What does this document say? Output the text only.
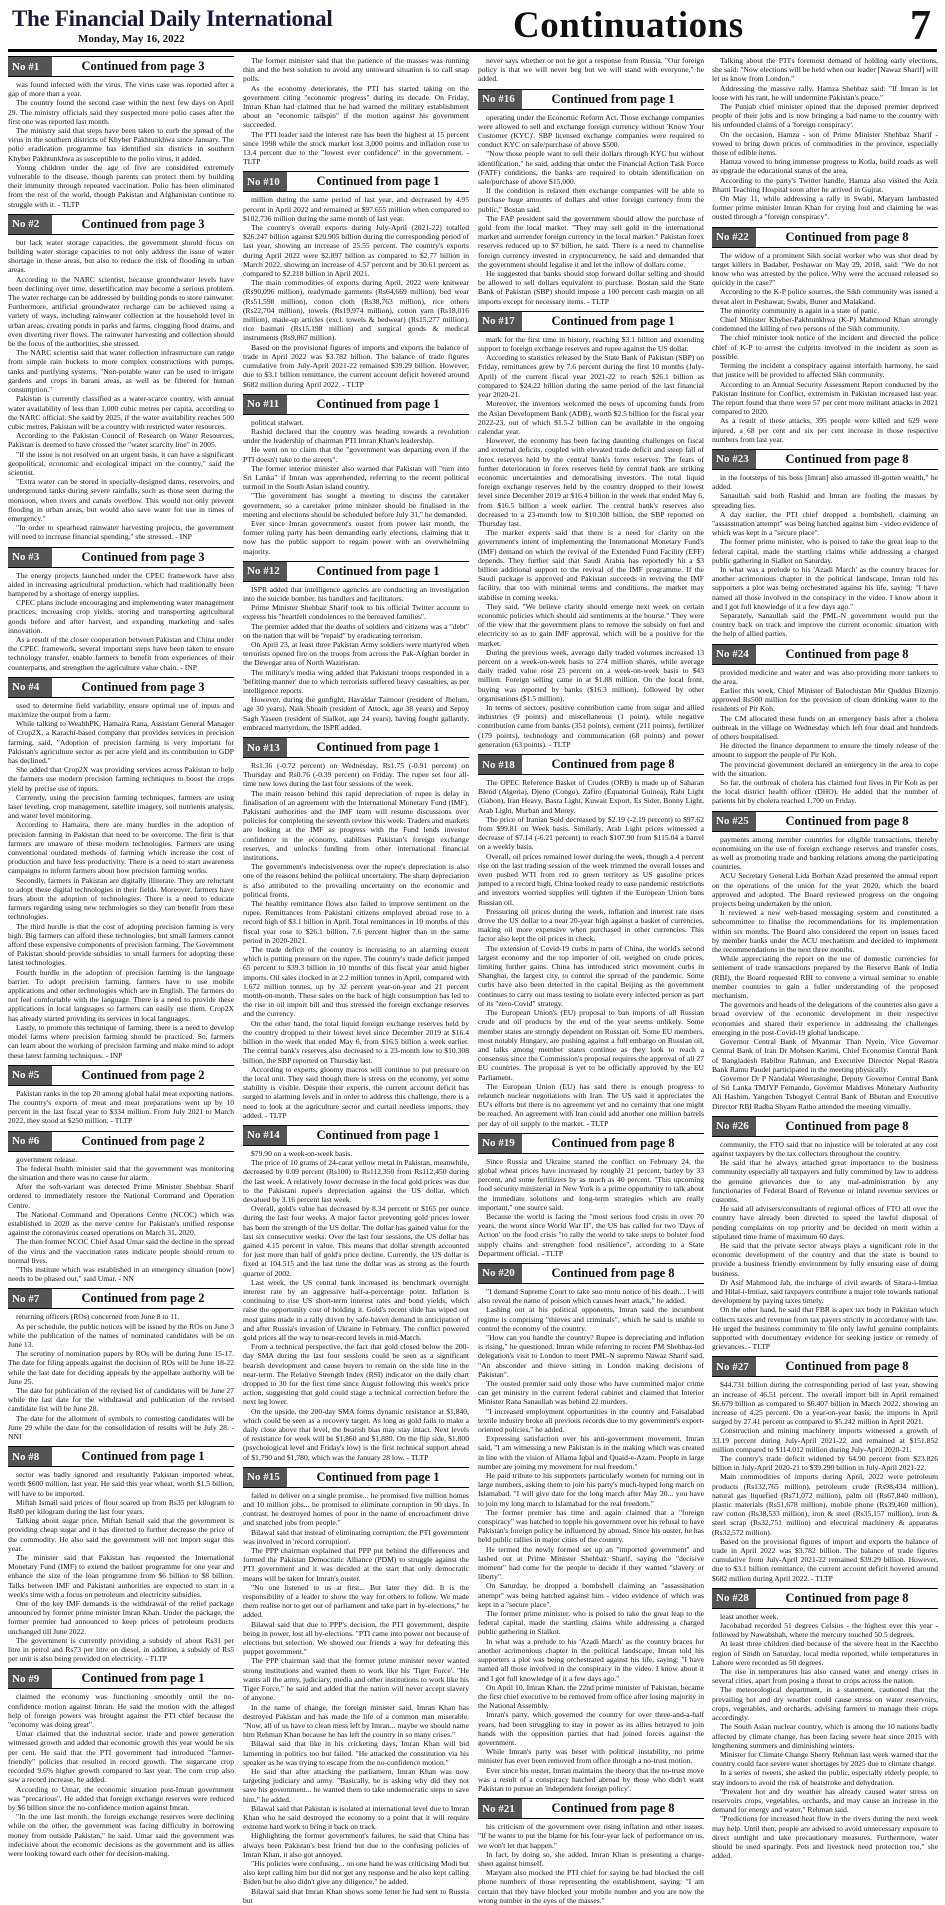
The Financial Daily International
Monday, May 16, 2022	Continuations	7
No #1	Continued from page 3

was found infected with the virus. The virus case was reported after a gap of more than a year.

The country found the second case within the next few days on April 29. The ministry officials said they suspected more polio cases after the first one was reported last month.

The ministry said that steps have been taken to curb the spread of the virus in the southern districts of Khyber Pakhtunkhwa since January. The polio eradication programme has identified six districts in southern Khyber Pakhtunkhwa as susceptible to the polio virus, it added.

Young children under the age of five are considered extremely vulnerable to the disease, though parents can protect them by building their immunity through repeated vaccination. Polio has been eliminated from the rest of the world, though Pakistan and Afghanistan continue to struggle with it. - TLTP

No #2	Continued from page 3

but lack water storage capacities, the government should focus on building water storage capacities to not only address the issue of water shortage in those areas, but also to reduce the risk of flooding in urban areas.

According to the NARC scientist, because groundwater levels have been declining over time, desertification may become a serious problem. The water recharge can be addressed by building ponds to store rainwater. Furthermore, artificial groundwater recharge can be achieved using a variety of ways, including rainwater collection at the household level in urban areas, creating ponds in parks and farms, clogging flood drains, and even diverting river flows. The rainwater harvesting and collection should be the focus of the authorities, she stressed.

The NARC scientist said that water collection infrastructure can range from simple rain buckets to more complex constructions with pumps, tanks and purifying systems. "Non-potable water can be used to irrigate gardens and crops in barani areas, as well as be filtered for human consumption."

Pakistan is currently classified as a water-scarce country, with annual water availability of less than 1,000 cubic metres per capita, according to the NARC official. She said by 2025, if the water availability reaches 500 cubic metres, Pakistan will be a country with restricted water resources.

According to the Pakistan Council of Research on Water Resources, Pakistan is deemed to have crossed the "water scarcity line" in 2005.

"If the issue is not resolved on an urgent basis, it can have a significant geopolitical, economic and ecological impact on the country," said the scientist.

"Extra water can be stored in specially-designed dams, reservoirs, and underground tanks during severe rainfalls, such as those seen during the monsoon, when rivers and canals overflow. This would not only prevent flooding in urban areas, but would also save water for use in times of emergency."

"In order to spearhead rainwater harvesting projects, the government will need to increase financial spending," she stressed. - INP

No #3	Continued from page 3

The energy projects launched under the CPEC framework have also aided in increasing agricultural production, which had traditionally been hampered by a shortage of energy supplies.

CPEC plans include encouraging and implementing water management practices, increasing crop yields, storing and transporting agricultural goods before and after harvest, and expanding marketing and sales innovation.

As a result of the closer cooperation between Pakistan and China under the CPEC framework, several important steps have been taken to ensure technology transfer, enable farmers to benefit from experiences of their counterparts, and strengthen the agriculture value chain. - INP

No #4	Continued from page 3

used to determine field variability, ensure optimal use of inputs and maximize the output from a farm.

While talking to WealthPK, Hamaira Rana, Assistant General Manager of Crop2X, a Karachi-based company that provides services in precision farming, said, "Adoption of precision farming is very important for Pakistan's agriculture sector as per acre yield and its contribution to GDP has declined."

She added that Crop2X was providing services across Pakistan to help the farmers use modern precision farming techniques to boost the crops yield by precise use of inputs.

Currently, using the precision farming techniques, farmers are using laser leveling, crop management, satellite imagery, soil nutrients analysis, and water level monitoring.

According to Hamaira, there are many hurdles in the adoption of precision farming in Pakistan that need to be overcome. The first is that farmers are unaware of these modern technologies. Farmers are using conventional outdated methods of farming which increase the cost of production and have less productivity. There is a need to start awareness campaigns to inform farmers about how precision farming works.

Secondly, farmers in Pakistan are digitally illiterate. They are reluctant to adopt these digital technologies in their fields. Moreover, farmers have fears about the adoption of technologies. There is a need to educate farmers regarding using new technologies so they can benefit from these technologies.

The third hurdle is that the cost of adopting precision farming is very high. Big farmers can afford these technologies, but small farmers cannot afford these expensive components of precision farming. The Government of Pakistan should provide subsidies to small farmers for adopting these latest technologies.

Fourth hurdle in the adoption of precision farming is the language barrier. To adopt precision farming, farmers have to use mobile applications and other technologies which are in English. The farmers do not feel comfortable with the language. There is a need to provide these applications in local languages so farmers can easily use them. Crop2X has already started providing its services in local languages.

Lastly, to promote this technique of farming, there is a need to develop model farms where precision farming should be practiced. So, farmers can learn about the working of precision farming and make mind to adopt these latest farming techniques. - INP

No #5	Continued from page 2

Pakistan ranks in the top 20 among global halal meat exporting nations. The country's exports of meat and meat preparations went up by 10 percent in the last fiscal year to $334 million. From July 2021 to March 2022, they stood at $250 million. - TLTP

No #6	Continued from page 2

government release.

The federal health minister said that the government was monitoring the situation and there was no cause for alarm.

After the soft-variant was detected Prime Minister Shehbaz Sharif ordered to immediately restore the National Command and Operation Centre.

The National Command and Operations Centre (NCOC) which was established in 2020 as the nerve centre for Pakistan's unified response against the coronavirus ceased operations on March 31, 2020.

The then former NCOC Chief Asad Umar said the decline in the spread of the virus and the vaccination rates indicate people should return to normal lives.

"This institute which was established in an emergency situation [now] needs to be phased out," said Umar. - NN

No #7	Continued from page 2

returning officers (ROs) concerned from June 8 to 11.

As per schedule, the public notices will be issued by the ROs on June 3 while the publication of the names of nominated candidates will be on June 13.

The scrutiny of nomination papers by ROs will be during June 15-17. The date for filing appeals against the decision of ROs will be June 18-22 while the last date for deciding appeals by the appellate authority will be June 25.

The date for publication of the revised list of candidates will be June 27 while the last date for the withdrawal and publication of the revised candidate list will be June 28.

The date for the allotment of symbols to contesting candidates will be June 29 while the date for the consolidation of results will be July 28. - NNI

No #8	Continued from page 1

sector was badly ignored and resultantly Pakistan imported wheat, worth $600 million, last year. He said this year wheat, worth $1.5 billion, will have to be imported.

Miftah Ismail said prices of flour soared up from Rs35 per kilogram to Rs80 per kilogram during the last four years.

Talking about sugar price, Miftah Ismail said that the government is providing cheap sugar and it has directed to further decrease the price of the commodity. He also said the government will not import sugar this year.

The minister said that Pakistan has requested the International Monetary Fund (IMF) to extend the bailout programme for one year and enhance the size of the loan programme from $6 billion to $8 billion. Talks between IMF and Pakistani authorities are expected to start in a week's time with a focus on petroleum and electricity subsidies.

One of the key IMF demands is the withdrawal of the relief package announced by former prime minister Imran Khan. Under the package, the former premier had announced to keep prices of petroleum products unchanged till June 2022.

The government is currently providing a subsidy of about Rs31 per litre in petrol and Rs73 per litre on diesel, in addition, a subsidy of Rs5 per unit is also being provided on electricity. - TLTP

No #9	Continued from page 1

claimed the economy was functioning smoothly until the no-confidence motion against Imran. He said the motion with the alleged help of foreign powers was brought against the PTI chief because the "economy was doing great".

Umar claimed that the industrial sector, trade and power generation witnessed growth and added that economic growth this year would be six per cent. He said that the PTI government had introduced "farmer-friendly" policies that resulted in record growth. The sugarcane crop recorded 9.6% higher growth compared to last year. The corn crop also saw a record increase, he added.

According to Umar, the economic situation post-Imran government was "precarious". He added that foreign exchange reserves were reduced by $6 billion since the no-confidence motion against Imran.

"In the one last month, the foreign exchange reserves were declining while on the other, the government was facing difficulty in borrowing money from outside Pakistan," he said. Umar said the government was indecisive about the economic decisions as the government and its allies were looking toward each other for decision-making.

The former minister said that the patience of the masses was running thin and the best solution to avoid any untoward situation is to call snap polls.

As the economy deteriorates, the PTI has started taking on the government citing "economic progress" during its decade. On Friday, Imran Khan had claimed that he had warned the military establishment about an "economic tailspin" if the motion against his government succeeded.

The PTI leader said the interest rate has been the highest at 15 percent since 1998 while the stock market lost 3,000 points and inflation rose to 13.4 percent due to the "lowest ever confidence" in the government. - TLTP

No #10	Continued from page 1

million during the same period of last year, and decreased by 4.95 percent in April 2022 and remained at $97.655 million when compared to $102.736 million during the same month of last year.

The country's overall exports during July-April (2021-22) totalled $26.247 billion against $20.905 billion during the corresponding period of last year, showing an increase of 25.55 percent. The country's exports during April 2022 were $2.897 billion as compared to $2.77 billion in March 2022, showing an increase of 4.57 percent and by 30.61 percent as compared to $2.218 billion in April 2021.

The main commodities of exports during April, 2022 were knitwear (Rs90,096 million), readymade garments (Rs64,669 million), bed wear (Rs51,598 million), cotton cloth (Rs38,763 million), rice others (Rs22,704 million), towels (Rs19,974 million), cotton yarn (Rs18,016 million), made-up articles (excl. towels & bedwear) (Rs15,277 million), rice basmati (Rs15,198 million) and surgical goods & medical instruments (Rs9,867 million).

Based on the provisional figures of imports and exports the balance of trade in April 2022 was $3.782 billion. The balance of trade figures cumulative from July-April 2021-22 remained $39.29 billion. However, due to $3.1 billion remittance, the current account deficit hovered around $682 million during April 2022. - TLTP

No #11	Continued from page 1

political stalwart.

Rashid declared that the country was heading towards a revolution under the leadership of chairman PTI Imran Khan's leadership.

He went on to claim that the "government was departing even if the PTI doesn't take to the streets".

The former interior minister also warned that Pakistan will "turn into Sri Lanka" if Imran was apprehended, referring to the recent political turmoil in the South Asian island country.

"The government has sought a meeting to discuss the caretaker government, so a caretaker prime minister should be finalised in the meeting and elections should be scheduled before July 31," he demanded.

Ever since Imran government's ouster from power last month, the former ruling party has been demanding early elections, claiming that it now has the public support to regain power with an overwhelming majority.

No #12	Continued from page 1

ISPR added that intelligence agencies are conducting an investigation into the suicide bomber, his handlers and facilitators.

Prime Minister Shehbaz Sharif took to his official Twitter account to express his "heartfelt condolences to the bereaved families".

The premier added that the deaths of soldiers and citizens was a "debt" on the nation that will be "repaid" by eradicating terrorism.

On April 23, at least three Pakistan Army soldiers were martyred when terrorists opened fire on the troops from across the Pak-Afghan border in the Dewegar area of North Waziristan.

The military's media wing added that Pakistani troops responded in a 'befitting manner' due to which terrorists suffered heavy casualties, as per intelligence reports.

However, during the gunfight, Havaldar Taimoor (resident of Jhelum, age 30 years), Naik Shoaib (resident of Attock, age 38 years) and Sepoy Sagh Yaseen (resident of Sialkot, age 24 years), having fought gallantly, embraced martyrdom, the ISPR added.

No #13	Continued from page 1

Rs1.36 (-0.72 percent) on Wednesday, Rs1.75 (-0.91 percent) on Thursday and Rs0.76 (-0.39 percent) on Friday. The rupee set four all-time new lows during the last four sessions of the week.

The main reason behind this rapid depreciation of rupee is delay in finalisation of an agreement with the International Monetary Fund (IMF). Pakistani authorities and the IMF team will resume discussions over policies for completing the seventh review this week. Traders and markets are looking at the IMF as progress with the Fund lends investor confidence in the economy, stabilises Pakistan's foreign exchange reserves, and unlocks funding from other international financial institutions.

The government's indecisiveness over the rupee's depreciation is also one of the reasons behind the political uncertainty. The sharp depreciation is also attributed to the prevailing uncertainty on the economic and political fronts.

The healthy remittance flows also failed to improve sentiment on the rupee. Remittances from Pakistani citizens employed abroad rose to a record high of $3.1 billion in April. Total remittances in 10 months of this fiscal year rose to $26.1 billion, 7.6 percent higher than in the same period in 2020-2021.

The trade deficit of the country is increasing to an alarming extent which is putting pressure on the rupee. The country's trade deficit jumped 65 percent to $39.3 billion in 10 months of this fiscal year amid higher imports. Oil sales clocked in at 2.2 million tonnes in April, compared with 1.672 million tonnes, up by 32 percent year-on-year and 21 percent month-on-month. These sales on the back of high consumption has led to the rise in oil import bill and thus stressed the foreign exchange reserves and the currency.

On the other hand, the total liquid foreign exchange reserves held by the country dropped to their lowest level since December 2019 at $16.4 billion in the week that ended May 6, from $16.5 billion a week earlier. The central bank's reserves also decreased to a 23-month low to $10.308 billion, the SBP reported on Thursday last.

According to experts, gloomy macros will continue to put pressure on the local unit. They said though there is stress on the economy, yet some stability is visible. Despite their experts, the current account deficit has surged to alarming levels and in order to address this challenge, there is a need to look at the agriculture sector and curtail needless imports, they added. - TLTP

No #14	Continued from page 1

$79.90 on a week-on-week basis.

The price of 10 grams of 24-carat yellow metal in Pakistan, meanwhile, decreased by 0.09 percent (Rs100) to Rs112,350 from Rs112,450 during the last week. A relatively lower decrease in the local gold prices was due to the Pakistani rupee's depreciation against the US dollar, which devalued by 3.16 percent last week.

Overall, gold's value has decreased by 8.34 percent or $165 per ounce during the last four weeks. A major factor preventing gold prices lower has been the strength of the US dollar. The dollar has gained value for the last six consecutive weeks. Over the last four sessions, the US dollar has gained 4.15 percent in value. This means that dollar strength accounted for just more than half of gold's price decline. Currently, the US dollar is fixed at 104.515 and the last time the dollar was as strong as the fourth quarter of 2002.

Last week, the US central bank increased its benchmark overnight interest rate by an aggressive half-a-percentage point. Inflation is continuing to rise US short-term interest rates and bond yields, which raise the opportunity cost of holding it. Gold's recent slide has wiped out most gains made in a rally driven by safe-haven demand in anticipation of and after Russia's invasion of Ukraine in February. The conflict powered gold prices all the way to near-record levels in mid-March.

From a technical perspective, the fact that gold closed below the 200-day SMA during the last four sessions could be seen as a significant bearish development and cause buyers to remain on the side line in the near-term. The Relative Strength Index (RSI) indicator on the daily chart dropped to 30 for the first time since August following this week's price action, suggesting that gold could stage a technical correction before the next leg lower.

On the upside, the 200-day SMA forms dynamic resistance at $1,840, which could be seen as a recovery target. As long as gold fails to make a daily close above that level, the bearish bias may stay intact. Next levels of resistance for week will be $1,860 and $1,880. On the flip side, $1,800 (psychological level and Friday's low) is the first technical support ahead of $1,790 and $1,780, which was the January 28 low. - TLTP

No #15	Continued from page 1

failed to deliver on a single promise... he promised five million homes and 10 million jobs... he promised to eliminate corruption in 90 days. In contrast, he destroyed homes of poor in the name of encroachment drive and snatched jobs from people."

Bilawal said that instead of eliminating corruption, the PTI government was involved in 'record corruption'.

The PPP chairman explained that PPP put behind the differences and formed the Pakistan Democratic Alliance (PDM) to struggle against the PTI government and it was decided at the start that only democratic means will be taken for Imran's ouster.

"No one listened to us at first... But later they did. It is the responsibility of a leader to show the way for others to follow. We made them realise not to get out of parliament and take part in by-elections," he added.

Bilawal said that due to PPP's decision, the PTI government, despite being in power, lost all by-elections. "PTI came into power not because of elections but selection. We showed our friends a way for defeating this puppet government."

The PPP chairman said that the former prime minister never wanted strong institutions and wanted them to work like his 'Tiger Force'. "He wants all the army, judiciary, media and other institutions to work like his Tiger Force," he said and added that the nation will never accept slavery of anyone.

In the name of change, the foreign minister said, Imran Khan has destroyed Pakistan and has made the life of a common man miserable. "Now, all of us have to clean mess left by Imran... maybe we should name him Rehman Khan because he has left the country in so many crises."

Bilawal said that like in his cricketing days, Imran Khan will bid lamenting in politics too but failed. "He attacked the constitution via his speaker as he was trying to escape from the no-confidence motion."

He said that after attacking the parliament, Imran Khan was now targeting judiciary and army. "Basically, he is asking why did they not save his government... he wanted them to take undemocratic steps to save him," he added.

Bilawal said that Pakistan is isolated at international level due to Imran Khan who he said destroyed the economy to a point that it will require extreme hard work to bring it back on track.

Highlighting the former government's failures, he said that China has always been Pakistan's best friend but due to the confusing policies of Imran Khan, it also got annoyed.

"His policies were confusing... on one hand he was criticising Modi but also kept calling him but did not get any response and he also kept calling Biden but he also didn't give any diligence," he added.

Bilawal said that Imran Khan shows some letter he had sent to Russia but

never says whether or not he got a response from Russia. "Our foreign policy is that we will never beg but we will stand with everyone," he added.

No #16	Continued from page 1

operating under the Economic Reform Act. Those exchange companies were allowed to sell and exchange foreign currency without 'Know Your Customer (KYC)'. SBP licensed exchange companies were required to conduct KYC on sale/purchase of above $500.

"Now those people want to sell their dollars through KYC but without identification," he said, adding that under the Financial Action Task Force (FATF) conditions, the banks are required to obtain identification on sale/purchase of above $15,000.

If the condition is relaxed then exchange companies will be able to purchase huge amounts of dollars and other foreign currency from the public," Bostan said.

The FAP president said the government should allow the purchase of gold from the local market. "They may sell gold in the international market and surrender foreign currency in the local market." Pakistan forex reserves reduced up to $7 billion, he said. There is a need to channelise foreign currency invested in cryptocurrency, he said and demanded that the government should legalise it and let the inflow of dollars come.

He suggested that banks should stop forward dollar selling and should be allowed to sell dollars equivalent to purchase. Bostan said the State Bank of Pakistan (SBP) should impose a 100 percent cash margin on all imports except for necessary items. - TLTP

No #17	Continued from page 1

mark for the first time in history, reaching $3.1 billion and extending support to foreign exchange reserves and rupee against the US dollar.

According to statistics released by the State Bank of Pakistan (SBP) on Friday, remittances grew by 7.6 percent during the first 10 months (July-April) of the current fiscal year 2021-22 to reach $26.1 billion as compared to $24.22 billion during the same period of the last financial year 2020-21.

Moreover, the inventors welcomed the news of upcoming funds from the Asian Development Bank (ADB), worth $2.5 billion for the fiscal year 2022-23, out of which $1.5-2 billion can be available in the ongoing calendar year.

However, the economy has been facing daunting challenges on fiscal and external deficits, coupled with elevated trade deficit and steep fall of forex reserves held by the central bank's forex reserves. The fears of further deterioration in forex reserves held by central bank are striking economic uncertainties and demoralising investors. The total liquid foreign exchange reserves held by the country dropped to their lowest level since December 2019 at $16.4 billion in the week that ended May 6, from $16.5 billion a week earlier. The central bank's reserves also decreased to a 23-month low to $10.308 billion, the SBP reported on Thursday last.

The market experts said that there is a need for clarity on the government's intent of implementing the International Monetary Fund's (IMF) demand on which the revival of the Extended Fund Facility (EFF) depends. They further said that Saudi Arabia has reportedly hit a $3 billion additional support to the revival of the IMF programme. If the Saudi package is approved and Pakistan succeeds in reviving the IMF facility, that too with minimal terms and conditions, the market may stabilise in coming weeks.

They said, "We believe clarity should emerge next week on certain economic policies which should aid sentiments at the bourse." They were of the view that the government plans to remove the subsidy on fuel and electricity so as to gain IMF approval, which will be a positive for the market.

During the previous week, average daily traded volumes increased 13 percent on a week-on-week basis to 274 million shares, while average daily traded value rose 23 percent on a week-on-week basis to $43 million. Foreign selling came in at $1.88 million. On the local front, buying was reported by banks ($16.3 million), followed by other organisations ($1.5 million).

In terms of sectors, positive contribution came from sugar and allied industries (9 points) and miscellaneous (1 point), while negative contribution came from banks (351 points), cement (211 points), fertilizer (179 points), technology and communication (68 points) and power generation (63 points). - TLTP

No #18	Continued from page 8

The OPEC Reference Basket of Crudes (ORB) is made up of Saharan Blend (Algeria), Djeno (Congo), Zafiro (Equatorial Guinea), Rabi Light (Gabon), Iran Heavy, Basra Light, Kuwait Export, Es Sider, Bonny Light, Arab Light, Murban and Merey.

The price of Iranian Sold decreased by $2.19 (-2.19 percent) to $97.62 from $99.81 on Week basis. Similarly, Arab Light prices witnessed a decrease of $7.14 (-6.21 percent) to reach $107.90 from $115.04 a barrel on a weekly basis.

Overall, oil prices remained lower during the week, though a 4 percent rise on the last trading session of the week trimmed the overall losses and even pushed WTI from red to green territory as US gasoline prices jumped to a record high, China looked ready to ease pandemic restrictions and investors worried supplies will tighten if the European Union bans Russian oil.

Pressuring oil prices during the week, inflation and interest rate rises drove the US dollar to a near 20-year high against a basket of currencies, making oil more expensive when purchased in other currencies. This factor also kept the oil prices in check.

The extension of Covid-19 curbs in parts of China, the world's second largest economy and the top importer of oil, weighed on crude prices, limiting further gains. China has introduced strict movement curbs in Shanghai, the largest city, to control the spread of the pandemic. Some curbs have also been detected in the capital Beijing as the government continues to carry out mass testing to isolate every infected person as part of its "zero-Covid" strategy.

The European Union's (EU) proposal to ban imports of all Russian crude and oil products by the end of the year seems unlikely. Some member states are strongly dependent on Russian oil. Some EU members, most notably Hungary, are pushing against a full embargo on Russian oil, and talks among member states continue as they look to reach a consensus since the Commission's proposal requires the approval of all 27 EU countries. The proposal is yet to be officially approved by the EU Parliament.

The European Union (EU) has said there is enough progress to relaunch nuclear negotiations with Iran. The US said it appreciates the EU's efforts but there is no agreement yet and no certainty that one might be reached. An agreement with Iran could add another one million barrels per day of oil supply to the market. - TLTP

No #19	Continued from page 8

Since Russia and Ukraine started the conflict on February 24, the global wheat prices have increased by roughly 21 percent, barley by 33 percent, and some fertilizers by as much as 40 percent. "This upcoming food security ministerial in New York is a prime opportunity to talk about the immediate solutions and long-term strategies which are really important," one source said.

Because the world is facing the "most serious food crisis in over 70 years, the worst since World War II", the US has called for two 'Days of Action' on the food crisis "to rally the world to take steps to bolster food supply chains and strengthen food resilience", according to a State Department official. - TLTP

No #20	Continued from page 8

"I demand Supreme Court to take suo motu notice of his death... I will also reveal the name of poison which causes heart attack," he added.

Lashing out at his political opponents, Imran said the incumbent regime is comprising "thieves and criminals", which he said is unable to control the economy of the country.

"How can you handle the country? Rupee is depreciating and inflation is rising," he questioned. Imran while referring to recent PM Shehbaz-led delegation's visit to London to meet PML-N supremo Nawaz Sharif said, "An absconder and thieve sitting in London making decisions of Pakistan".

The ousted premier said only those who have committed major crime can get ministry in the current federal cabinet and claimed that Interior Minister Rana Sanaullah was behind 22 murders.

"I increased employment opportunities in the country and Faisalabad textile industry broke all previous records due to my government's export-oriented policies," he added.

Expressing satisfaction over his anti-government movement, Imran said, "I am witnessing a new Pakistan is in the making which was created in line with the vision of Allama Iqbal and Quaid-e-Azam. People in large number are joining my movement for real freedom."

He paid tribute to his supporters particularly women for turning out in large numbers, asking them to join his party's much-hyped long march on Islamabad. "I will give date for the long march after May 20... you have to join my long march to Islamabad for the real freedom."

The former premier has time and again claimed that a "foreign conspiracy" was hatched to topple his government over his refusal to have Pakistan's foreign policy be influenced by abroad. Since his ouster, he has held public rallies in major cities of the country.

He termed the newly formed set up an "imported government" and lashed out at Prime Minister Shehbaz Sharif, saying the "decisive moment" had come for the people to decide if they wanted "slavery or liberty".

On Saturday, he dropped a bombshell claiming an "assassination attempt" was being hatched against him - video evidence of which was kept in a "secure place".

The former prime minister, who is poised to take the great leap to the federal capital, made the startling claims while addressing a charged public gathering in Sialkot.

In what was a prelude to his 'Azadi March' as the country braces for another acrimonious chapter in the political landscape, Imran told his supporters a plot was being orchestrated against his life, saying: "I have named all those involved in the conspiracy in the video. I know about it and I got full knowledge of it a few days ago."

On April 10, Imran Khan, the 22nd prime minister of Pakistan, became the first chief executive to be removed from office after losing majority in the National Assembly.

Imran's party, which governed the country for over three-and-a-half years, had been struggling to stay in power as its allies betrayed to join hands with the opposition parties that had joined forces against the government.

While Imran's party was beset with political instability, no prime minister has ever been removed from office through a no-trust motion.

Ever since his ouster, Imran maintains the theory that the no-trust move was a result of a conspiracy hatched abroad by those who didn't want Pakistan to pursue an 'independent foreign policy'.

No #21	Continued from page 8

his criticism of the government over rising inflation and other issues. "If he wants to put the blame for his four-year lack of performance on us, we won't let that happen."

In fact, by doing so, she added, Imran Khan is presenting a charge-sheet against himself.

Maryam also mocked the PTI chief for saying he had blocked the cell phone numbers of those representing the establishment, saying: "I am certain that they have blocked your mobile number and you are now the wrong number in the eyes of the masses."

Talking about the PTI's foremost demand of holding early elections, she said: "Now elections will be held when our leader [Nawaz Sharif] will let us know from London."

Addressing the massive rally, Hamza Shehbaz said: "If Imran is let loose with his rant, he will undermine Pakistan's peace."

The Punjab chief minister opined that the deposed premier deprived people of their jobs and is now bringing a bad name to the country with his unfounded claims of a 'foreign conspiracy'.

On the occasion, Hamza - son of Prime Minister Shehbaz Sharif - vowed to bring down prices of commodities in the province, especially those of edible items.

Hamza vowed to bring immense progress to Kotla, build roads as well as upgrade the educational status of the area.

According to the party's Twitter handle, Hamza also visited the Aziz Bhatti Teaching Hospital soon after he arrived in Gujrat.

On May 11, while addressing a rally in Swabi, Maryam lambasted former prime minister Imran Khan for crying foul and claiming he was ousted through a "foreign conspiracy".

No #22	Continued from page 8

The widow of a prominent Sikh social worker who was shot dead by target killers in Badaber, Peshawar on May 29, 2018, said: "We do not know who was arrested by the police. Why were the accused released so quickly in the case?"

According to the K-P police sources, the Sikh community was issued a threat alert in Peshawar, Swabi, Buner and Malakand.

The minority community is again in a state of panic.

Chief Minister Khyber-Pakhtunkhwa (K-P) Mahmood Khan strongly condemned the killing of two persons of the Sikh community.

The chief minister took notice of the incident and directed the police chief of K-P to arrest the culprits involved in the incident as soon as possible.

Terming the incident a conspiracy against interfaith harmony, he said that justice will be provided to affected Sikh community.

According to an Annual Security Assessment Report conducted by the Pakistan Institute for Conflict, extremism in Pakistan increased last year. The report found that there were 57 per cent more militant attacks in 2021 compared to 2020.

As a result of these attacks, 395 people were killed and 629 were injured, a 68 per cent and six per cent increase in those respective numbers from last year.

No #23	Continued from page 8

in the footsteps of his boss [Imran] also amassed ill-gotten wealth," he added.

Sanaullah said both Rashid and Imran are fooling the masses by spreading lies.

A day earlier, the PTI chief dropped a bombshell, claiming an "assassination attempt" was being hatched against him - video evidence of which was kept in a "secure place".

The former prime minister, who is poised to take the great leap to the federal capital, made the startling claims while addressing a charged public gathering in Sialkot on Saturday.

In what was a prelude to his 'Azadi March' as the country braces for another acrimonious chapter in the political landscape, Imran told his supporters a plot was being orchestrated against his life, saying: "I have named all those involved in the conspiracy in the video. I know about it and I got full knowledge of it a few days ago."

Separately, Sanaullah said the PML-N government would put the country back on track and improve the current economic situation with the help of allied parties.

No #24	Continued from page 8

provided medicine and water and was also providing more tankers to the area.

Earlier this week, Chief Minister of Balochistan Mir Quddus Bizenjo approved Rs500 million for the provision of clean drinking water to the residents of Pir Koh.

The CM allocated these funds on an emergency basis after a cholera outbreak in the village on Wednesday which left four dead and hundreds of others hospitalised.

He directed the finance department to ensure the timely release of the amount to support the people of Pir Koh.

The provincial government declared an emergency in the area to cope with the situation.

So far, the outbreak of cholera has claimed four lives in Pir Koh as per the local district health officer (DHO). He added that the number of patients hit by cholera reached 1,700 on Friday.

No #25	Continued from page 8

payments among member countries for eligible transactions, thereby economising on the use of foreign exchange reserves and transfer costs, as well as promoting trade and banking relations among the participating countries.

ACU Secretary General Lida Borhan Azad presented the annual report on the operations of the union for the year 2020, which the board approved and adopted. The Board reviewed progress on the ongoing projects being undertaken by the union.

It reviewed a new web-based messaging system and constituted a subcommittee to finalise the recommendations for its implementation within six months. The Board also considered the report on issues faced by member banks under the ACU mechanism and decided to implement the recommendations in the next three months.

While appreciating the report on the use of domestic currencies for settlement of trade transactions prepared by the Reserve Bank of India (RBI), the Board requested RBI to convene a virtual seminar to enable member countries to gain a fuller understanding of the proposed mechanism.

The governors and heads of the delegations of the countries also gave a broad overview of the economic development in their respective economies and shared their experience in addressing the challenges emerging in the post-Covid-19 global landscape.

Governor Central Bank of Myanmar Than Nyein, Vice Governor Central Bank of Iran Dr Mohsen Karimi, Chief Economist Central Bank of Bangladesh Habibur Rahman, and Executive Director Nepal Rastra Bank Ramu Paudel participated in the meeting physically.

Governor Dr P Nandalal Weerasinghe, Deputy Governor Central Bank of Sri Lanka TMJYP Fernando, Governor Maldives Monetary Authority Ali Hashim, Yangchen Tshogyel Central Bank of Bhutan and Executive Director RBI Radha Shyam Ratho attended the meeting virtually.

No #26	Continued from page 8

community, the FTO said that no injustice will be tolerated at any cost against taxpayers by the tax collectors throughout the country.

He said that he always attached great importance to the business community especially all taxpayers and fully committed by law to address the genuine grievances due to any mal-administration by any functionaries of Federal Board of Revenue or inland revenue services or customs.

He said all advisers/consultants of regional offices of FTO all over the country have already been directed to speed the lawful disposal of pending complaints on top priority and be decided on merit within a stipulated time frame of maximum 60 days.

He said that the private sector always plays a significant role in the economic development of the country and that the state is bound to provide a business friendly environment by fully ensuring ease of doing business.

Dr Asif Mahmood Jah, the incharge of civil awards of Sitara-i-Imtiaz and Hilal-i-Imtiaz, said taxpayers contribute a major role towards national development by paying taxes timely.

On the other hand, he said that FBR is apex tax body in Pakistan which collects taxes and revenue from tax payers strictly in accordance with law. He urged the business community to file only lawful genuine complaints supported with documentary evidence for seeking justice or remedy of grievances. - TLTP

No #27	Continued from page 8

$44.731 billion during the corresponding period of last year, showing an increase of 46.51 percent. The overall import bill in April remained $6.679 billion as compared to $6.407 billion in March 2022, showing an increase of 4.25 percent. On a year-on-year basis, the imports in April surged by 27.41 percent as compared to $5.242 million in April 2021.

Construction and mining machinery imports witnessed a growth of 33.19 percent during July-April 2021-22 and remained at $151.852 million compared to $114.012 million during July-April 2020-21.

The country's trade deficit widened by 64.90 percent from $23.826 billion in July-April 2020-21 to $39.290 billion in July-April 2021-22.

Main commodities of imports during April, 2022 were petroleum products (Rs132,765 million), petroleum crude (Rs98,434 million), natural gas liquefied (Rs71,072 million), palm oil (Rs67,840 million), plastic materials (Rs51,678 million), mobile phone (Rs39,460 million), raw cotton (Rs38,533 million), iron & steel (Rs35,157 million), iron & steel scrap (Rs32,751 million) and electrical machinery & apparatus (Rs32,572 million).

Based on the provisional figures of import and exports the balance of trade in April 2022 was $3.782 billion. The balance of trade figures cumulative from July-April 2021-22 remained $39.29 billion. However, due to $3.1 billion remittance, the current account deficit hovered around $682 million during April 2022. - TLTP

No #28	Continued from page 8

least another week.

Jacobabad recorded 51 degrees Celsius - the highest ever this year - followed by Nawabshah, where the mercury touched 50.5 degrees.

At least three children died because of the severe heat in the Kacchho region of Sindh on Saturday, local media reported, while temperatures in Lahore were recorded as 50 degrees.

The rise in temperatures has also caused water and energy crises in several cities, apart from posing a threat to crops across the nation.

The meteorological department, in a statement, cautioned that the prevailing hot and dry weather could cause stress on water reservoirs, crops, vegetables, and orchards, advising farmers to manage their crops accordingly.

The South Asian nuclear country, which is among the 10 nations badly affected by climate change, has been facing severe heat since 2015 with lengthening summers and diminishing winters.

Minister for Climate Change Sherry Rehman last week warned that the country could face severe water shortages by 2025 due to climate change.

In a series of tweets, she asked the public, especially elderly people, to stay indoors to avoid the risk of heatstroke and dehydration.

"Prevalent hot and dry weather has already caused water stress on reservoirs crops, vegetables, orchards, and may cause an increase in the demand for energy and water," Rehman said.

"Predictions for increased heat flow in the rivers during the next week may help. Until then, people are advised to avoid unnecessary exposure to direct sunlight and take precautionary measures. Furthermore, water should be used sparingly. Pets and livestock need protection too," she added.
